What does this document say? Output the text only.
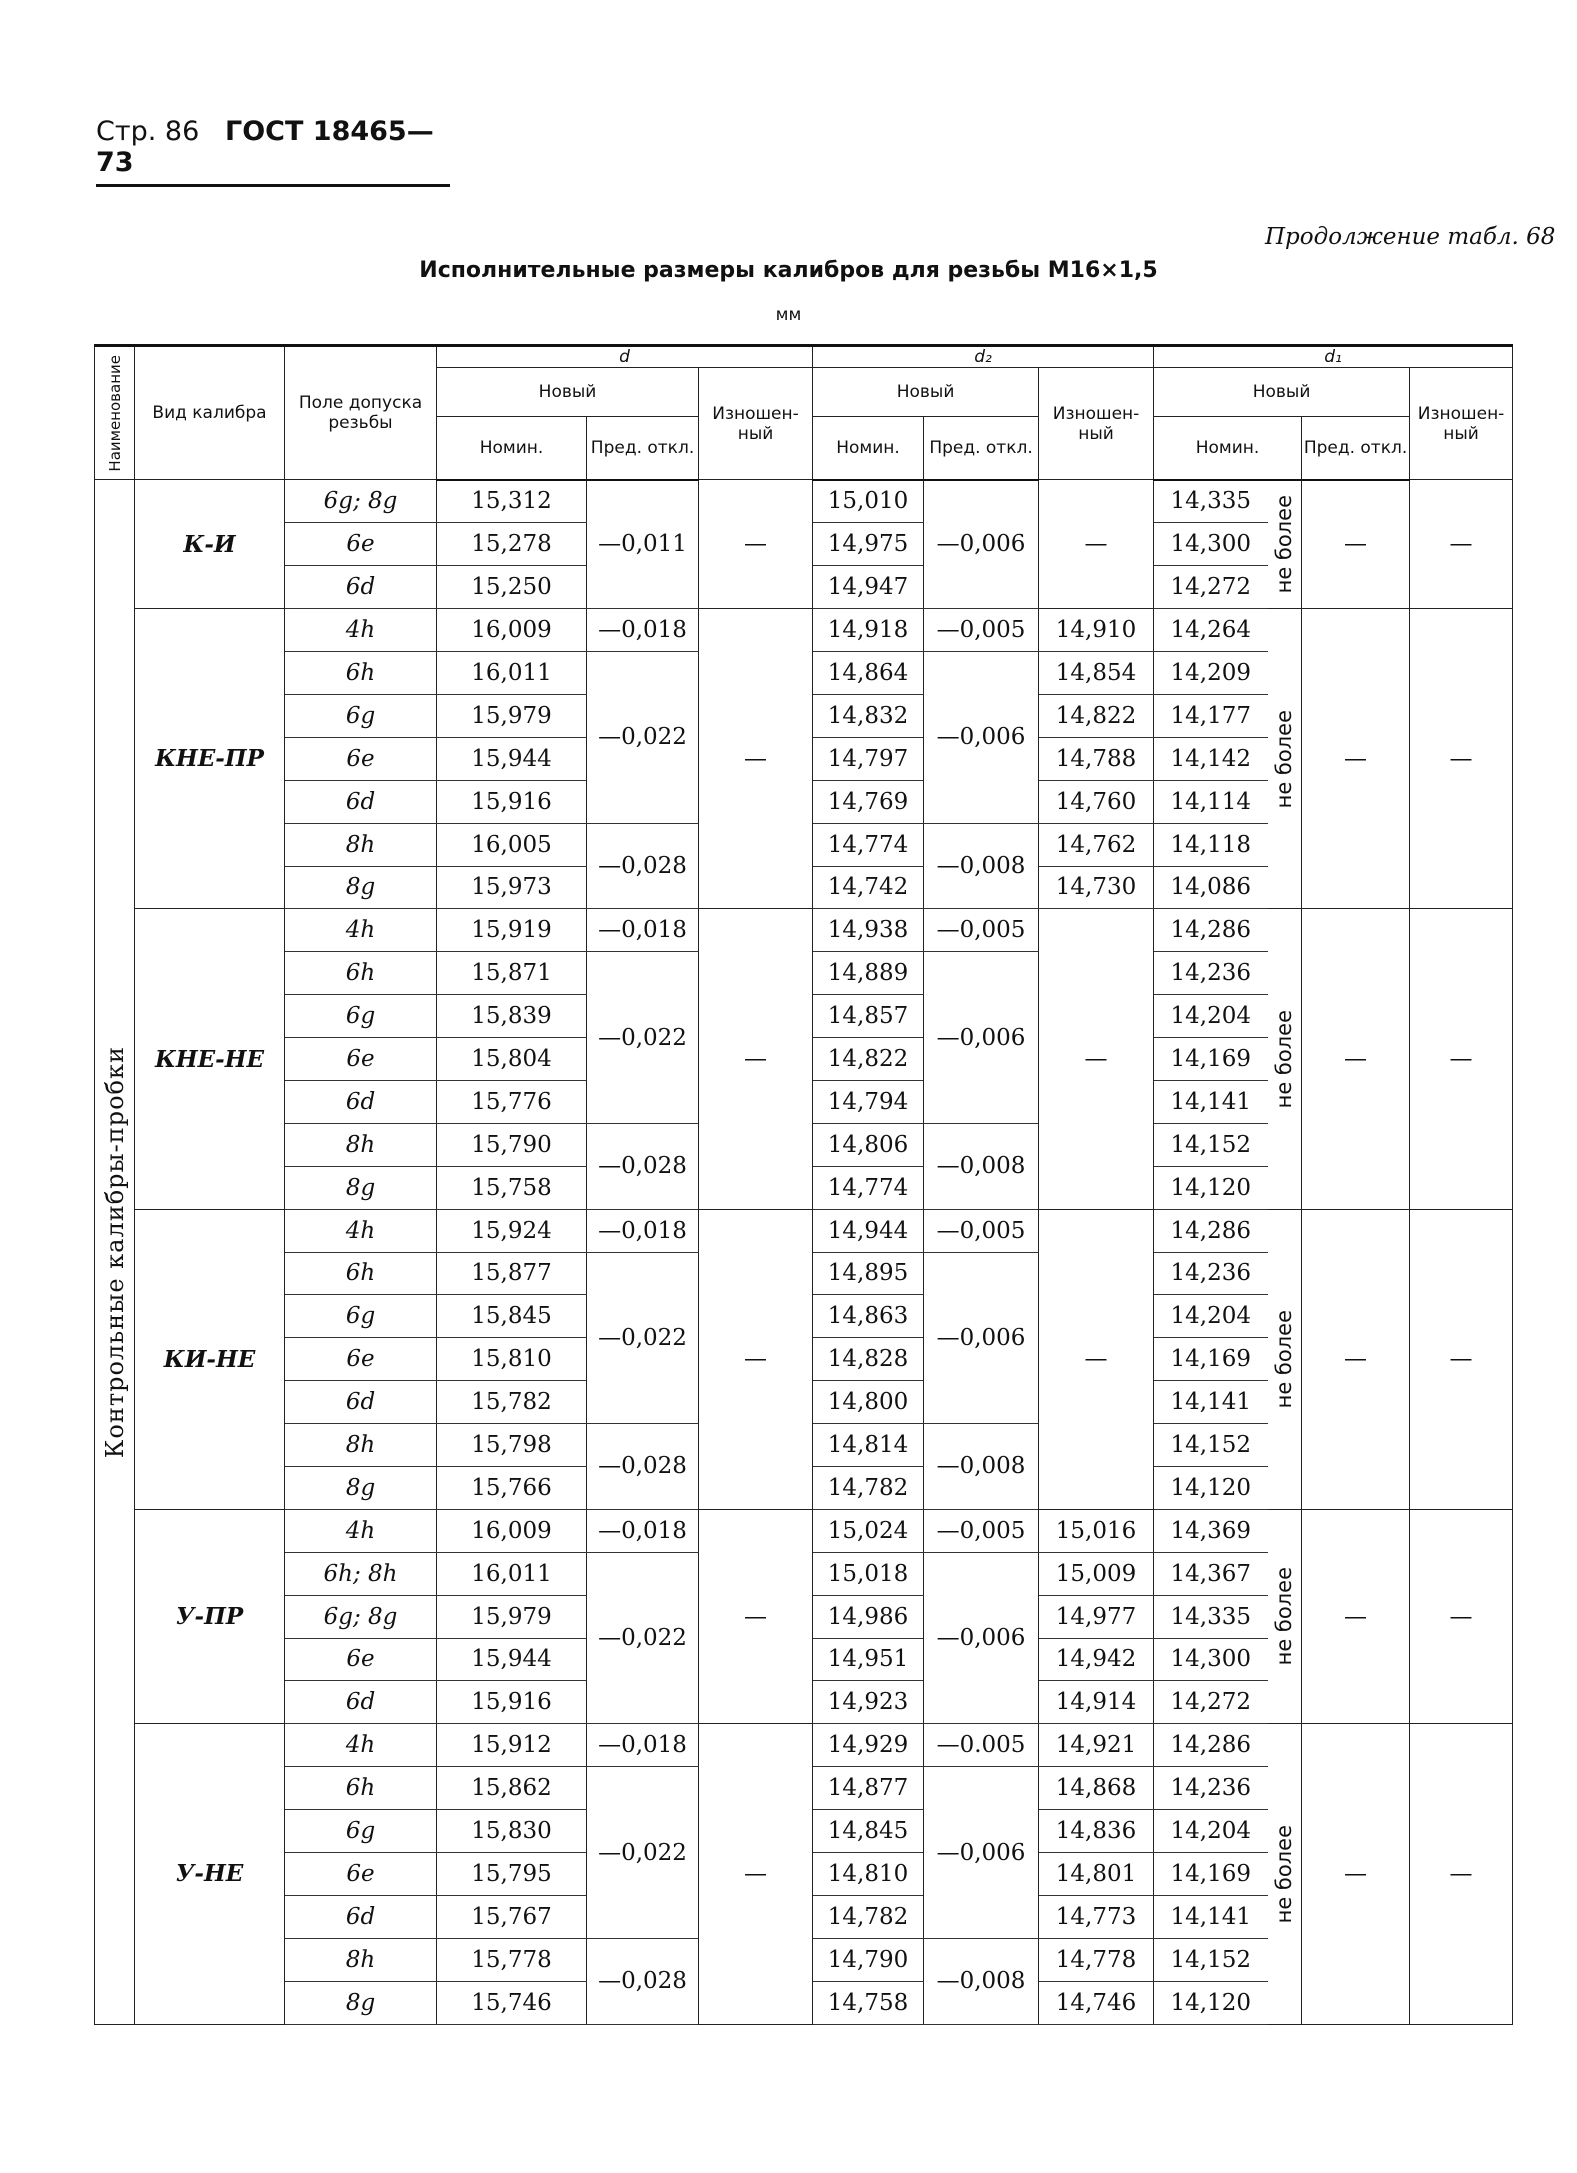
Стр. 86 ГОСТ 18465—73
Продолжение табл. 68
Исполнительные размеры калибров для резьбы М16×1,5
мм
Наименование	Вид калибра	Поле допуска резьбы	d			d₂			d₁			
			Новый		Изношен-ный	Новый		Изношен-ный	Новый			Изношен-ный
			Номин.	Пред. откл.		Номин.	Пред. откл.		Номин.		Пред. откл.	

Контрольные калибры-пробки	К-И	6g; 8g	15,312	—0,011	—	15,010	—0,006	—	14,335	не более	—	—

		6e	15,278			14,975			14,300			

		6d	15,250			14,947			14,272			
	КНЕ-ПР	4h	16,009	—0,018	—	14,918	—0,005	14,910	14,264	не более	—	—

		6h	16,011	—0,022		14,864	—0,006	14,854	14,209			

		6g	15,979			14,832		14,822	14,177			

		6e	15,944			14,797		14,788	14,142			

		6d	15,916			14,769		14,760	14,114			

		8h	16,005	—0,028		14,774	—0,008	14,762	14,118			

		8g	15,973			14,742		14,730	14,086			
	КНЕ-НЕ	4h	15,919	—0,018	—	14,938	—0,005	—	14,286	не более	—	—

		6h	15,871	—0,022		14,889	—0,006		14,236			

		6g	15,839			14,857			14,204			

		6e	15,804			14,822			14,169			

		6d	15,776			14,794			14,141			

		8h	15,790	—0,028		14,806	—0,008		14,152			

		8g	15,758			14,774			14,120			
	КИ-НЕ	4h	15,924	—0,018	—	14,944	—0,005	—	14,286	не более	—	—

		6h	15,877	—0,022		14,895	—0,006		14,236			

		6g	15,845			14,863			14,204			

		6e	15,810			14,828			14,169			

		6d	15,782			14,800			14,141			

		8h	15,798	—0,028		14,814	—0,008		14,152			

		8g	15,766			14,782			14,120			
	У-ПР	4h	16,009	—0,018	—	15,024	—0,005	15,016	14,369	не более	—	—

		6h; 8h	16,011	—0,022		15,018	—0,006	15,009	14,367			

		6g; 8g	15,979			14,986		14,977	14,335			

		6e	15,944			14,951		14,942	14,300			

		6d	15,916			14,923		14,914	14,272			
	У-НЕ	4h	15,912	—0,018	—	14,929	—0.005	14,921	14,286	не более	—	—

		6h	15,862	—0,022		14,877	—0,006	14,868	14,236			

		6g	15,830			14,845		14,836	14,204			

		6e	15,795			14,810		14,801	14,169			

		6d	15,767			14,782		14,773	14,141			

		8h	15,778	—0,028		14,790	—0,008	14,778	14,152			

		8g	15,746			14,758		14,746	14,120			
